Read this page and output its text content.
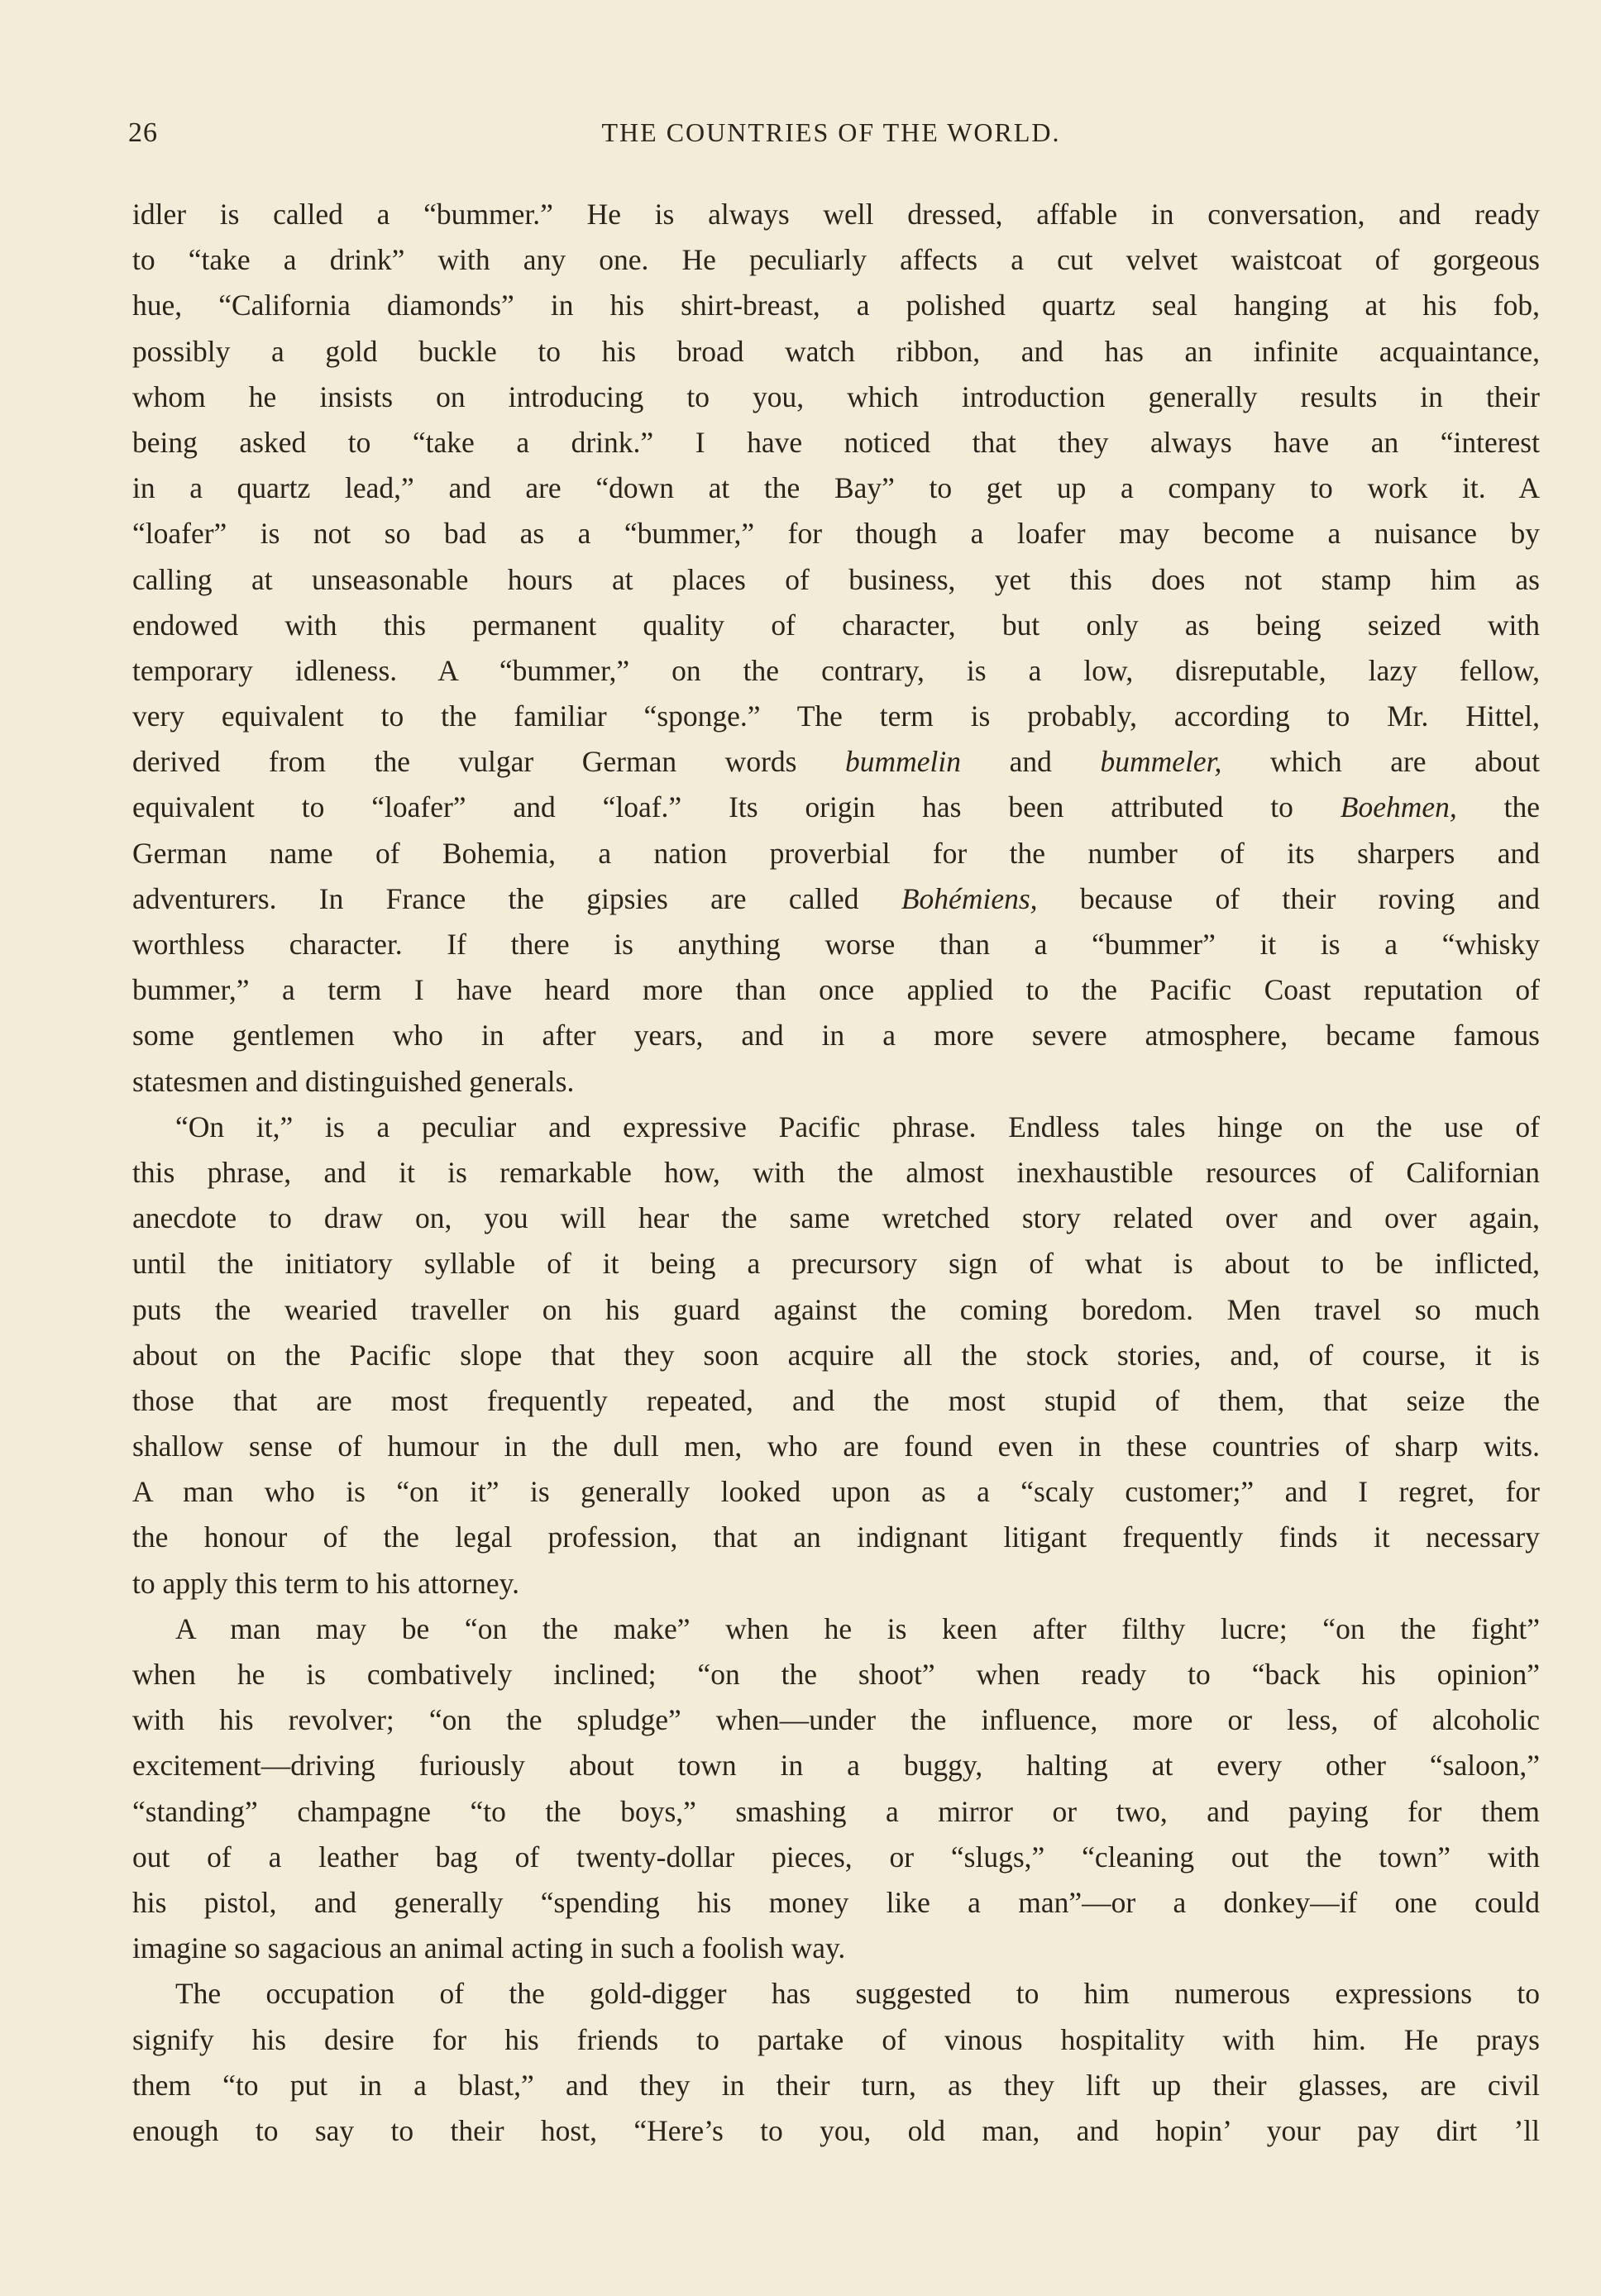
26	THE COUNTRIES OF THE WORLD.
idler is called a “bummer.” He is always well dressed, affable in conversation, and ready
to “take a drink” with any one. He peculiarly affects a cut velvet waistcoat of gorgeous
hue, “California diamonds” in his shirt-breast, a polished quartz seal hanging at his fob,
possibly a gold buckle to his broad watch ribbon, and has an infinite acquaintance,
whom he insists on introducing to you, which introduction generally results in their
being asked to “take a drink.” I have noticed that they always have an “interest
in a quartz lead,” and are “down at the Bay” to get up a company to work it. A
“loafer” is not so bad as a “bummer,” for though a loafer may become a nuisance by
calling at unseasonable hours at places of business, yet this does not stamp him as
endowed with this permanent quality of character, but only as being seized with
temporary idleness. A “bummer,” on the contrary, is a low, disreputable, lazy fellow,
very equivalent to the familiar “sponge.” The term is probably, according to Mr. Hittel,
derived from the vulgar German words bummelin and bummeler, which are about
equivalent to “loafer” and “loaf.” Its origin has been attributed to Boehmen, the
German name of Bohemia, a nation proverbial for the number of its sharpers and
adventurers. In France the gipsies are called Bohémiens, because of their roving and
worthless character. If there is anything worse than a “bummer” it is a “whisky
bummer,” a term I have heard more than once applied to the Pacific Coast reputation of
some gentlemen who in after years, and in a more severe atmosphere, became famous
statesmen and distinguished generals.
“On it,” is a peculiar and expressive Pacific phrase. Endless tales hinge on the use of
this phrase, and it is remarkable how, with the almost inexhaustible resources of Californian
anecdote to draw on, you will hear the same wretched story related over and over again,
until the initiatory syllable of it being a precursory sign of what is about to be inflicted,
puts the wearied traveller on his guard against the coming boredom. Men travel so much
about on the Pacific slope that they soon acquire all the stock stories, and, of course, it is
those that are most frequently repeated, and the most stupid of them, that seize the
shallow sense of humour in the dull men, who are found even in these countries of sharp wits.
A man who is “on it” is generally looked upon as a “scaly customer;” and I regret, for
the honour of the legal profession, that an indignant litigant frequently finds it necessary
to apply this term to his attorney.
A man may be “on the make” when he is keen after filthy lucre; “on the fight”
when he is combatively inclined; “on the shoot” when ready to “back his opinion”
with his revolver; “on the spludge” when—under the influence, more or less, of alcoholic
excitement—driving furiously about town in a buggy, halting at every other “saloon,”
“standing” champagne “to the boys,” smashing a mirror or two, and paying for them
out of a leather bag of twenty-dollar pieces, or “slugs,” “cleaning out the town” with
his pistol, and generally “spending his money like a man”—or a donkey—if one could
imagine so sagacious an animal acting in such a foolish way.
The occupation of the gold-digger has suggested to him numerous expressions to
signify his desire for his friends to partake of vinous hospitality with him. He prays
them “to put in a blast,” and they in their turn, as they lift up their glasses, are civil
enough to say to their host, “Here’s to you, old man, and hopin’ your pay dirt ’ll
